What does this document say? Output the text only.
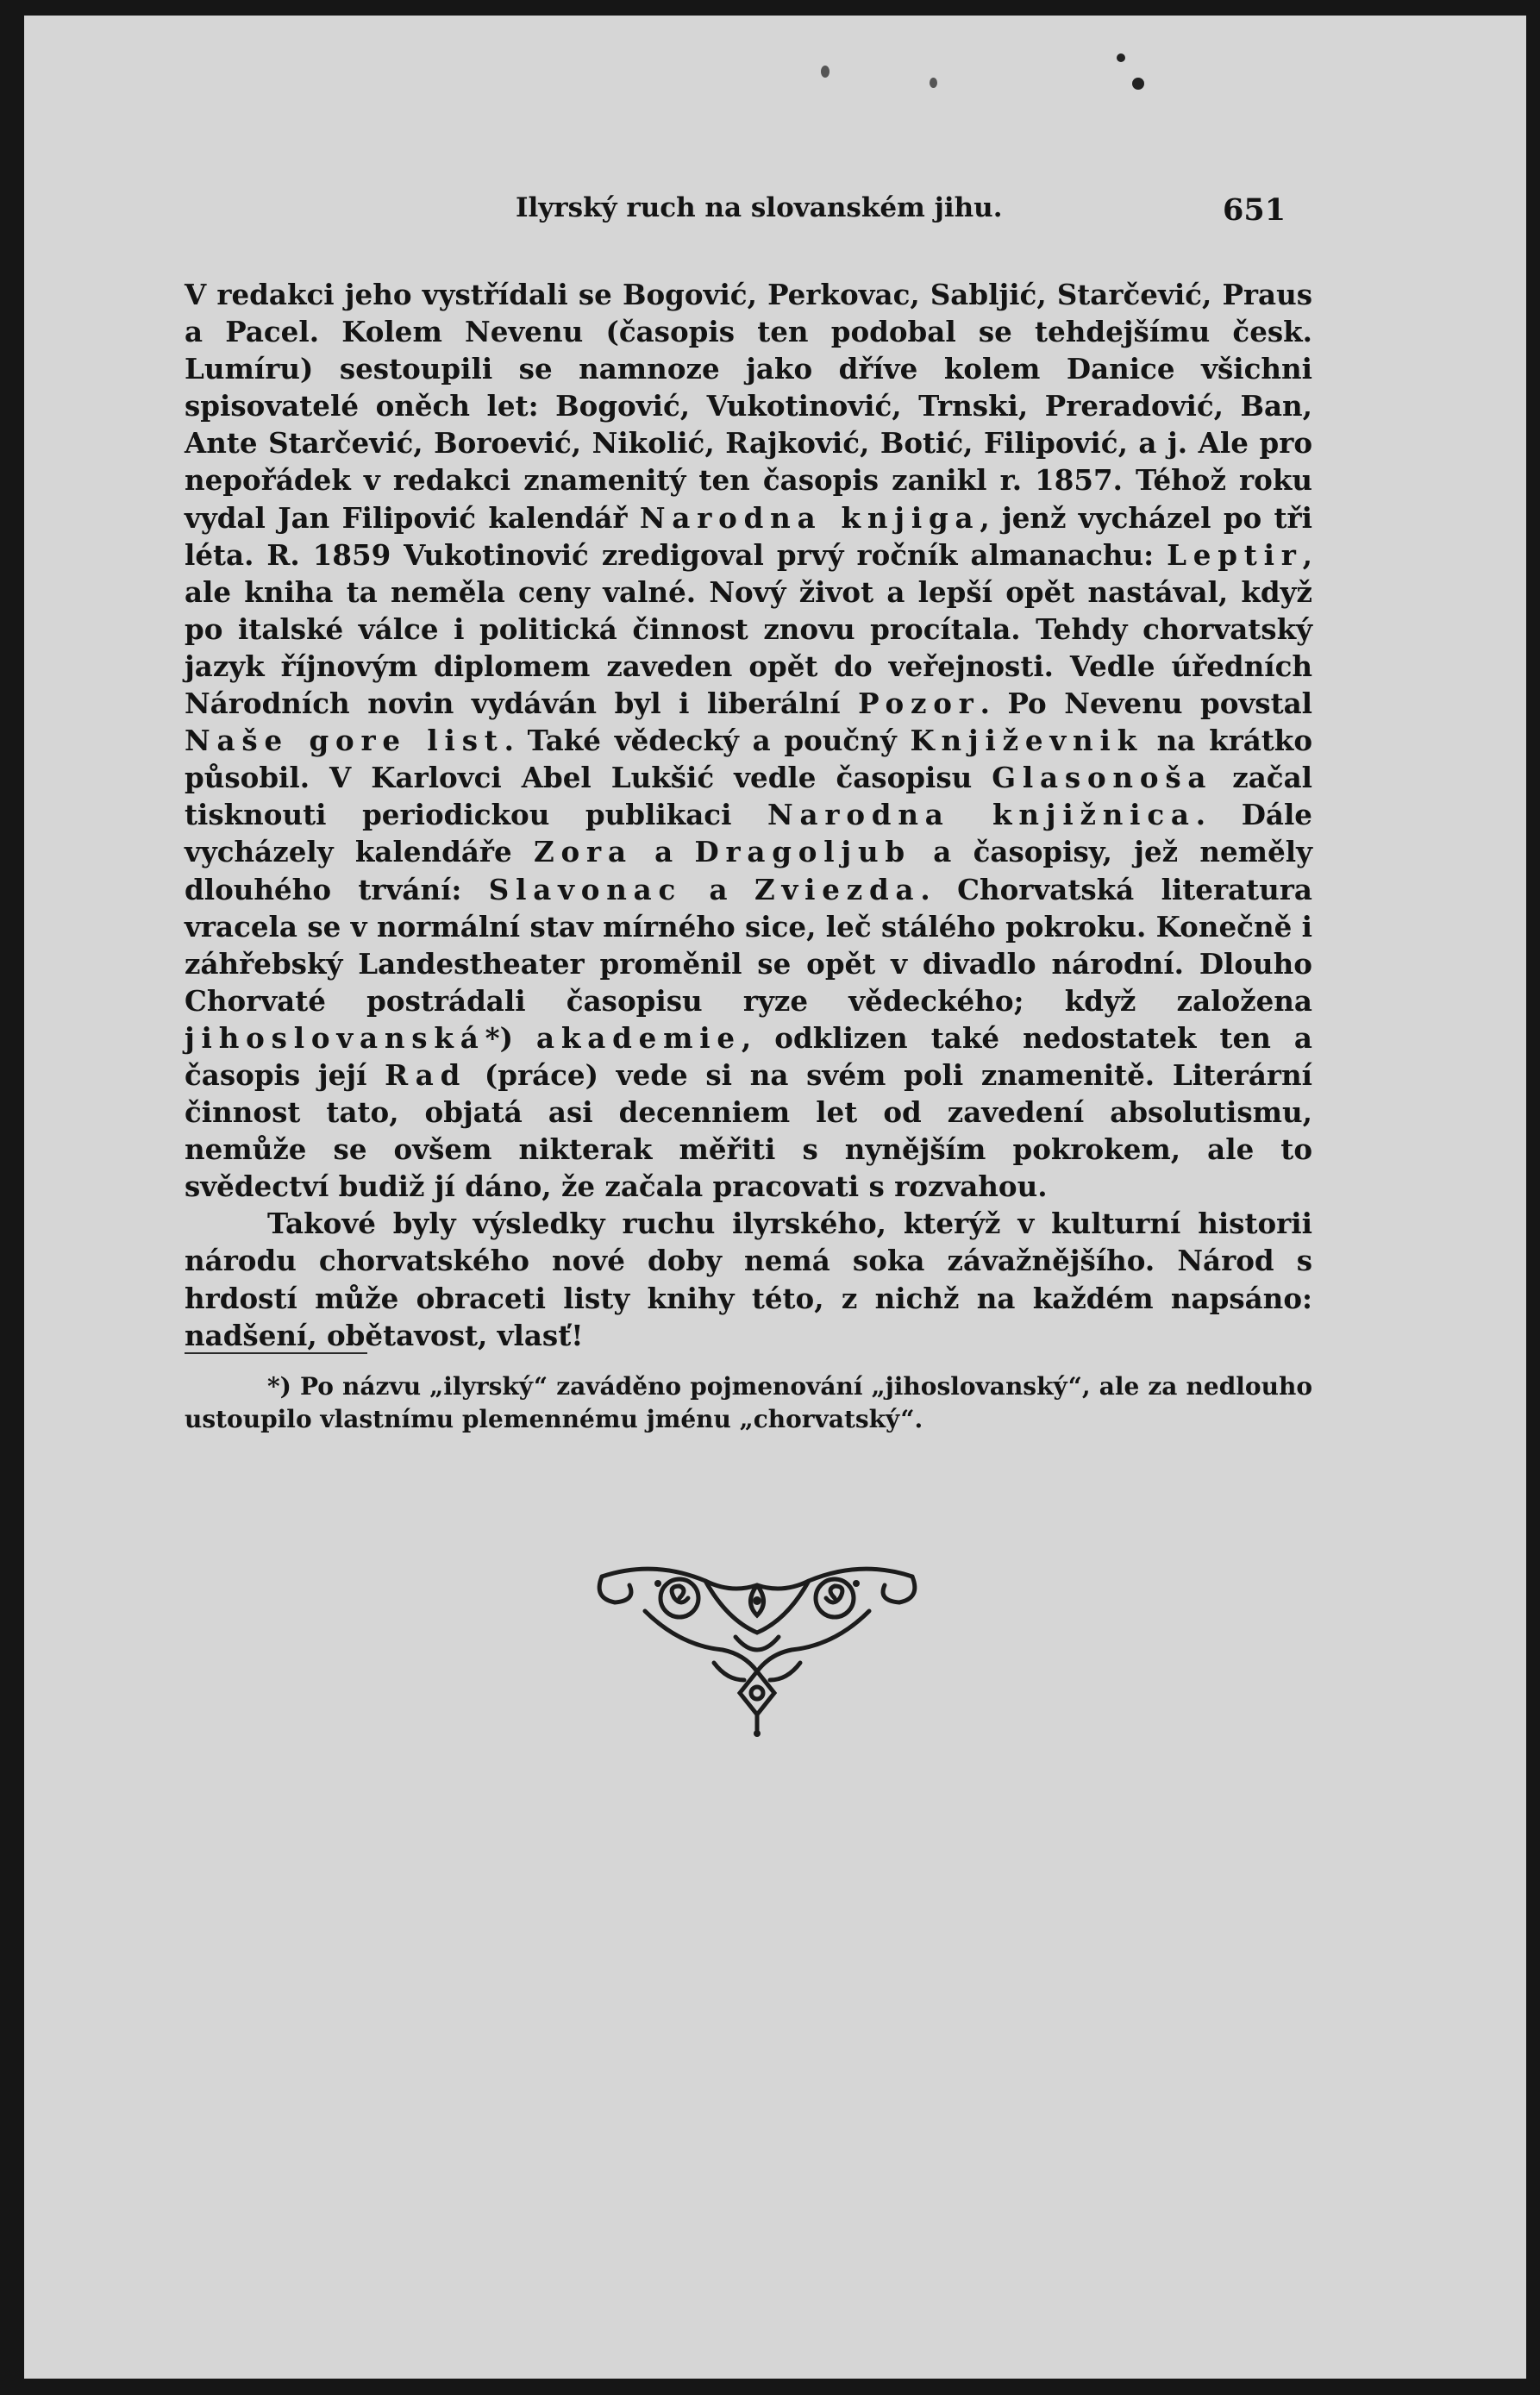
Ilyrský ruch na slovanském jihu.	651

V redakci jeho vystřídali se Bogović, Perkovac, Sabljić, Starčević, Praus a Pacel. Kolem Nevenu (časopis ten podobal se tehdejšímu česk. Lumíru) sestoupili se namnoze jako dříve kolem Danice všichni spisovatelé oněch let: Bogović, Vukotinović, Trnski, Preradović, Ban, Ante Starčević, Boroević, Nikolić, Rajković, Botić, Filipović, a j. Ale pro nepořádek v redakci znamenitý ten časopis zanikl r. 1857. Téhož roku vydal Jan Filipović kalendář Narodna knjiga, jenž vycházel po tři léta. R. 1859 Vukotinović zredigoval prvý ročník almanachu: Leptir, ale kniha ta neměla ceny valné. Nový život a lepší opět nastával, když po italské válce i politická činnost znovu procítala. Tehdy chorvatský jazyk říjnovým diplomem zaveden opět do veřejnosti. Vedle úředních Národních novin vydáván byl i liberální Pozor. Po Nevenu povstal Naše gore list. Také vědecký a poučný Književnik na krátko působil. V Karlovci Abel Lukšić vedle časopisu Glasonoša začal tisknouti periodickou publikaci Narodna knjižnica. Dále vycházely kalendáře Zora a Dragoljub a časopisy, jež neměly dlouhého trvání: Slavonac a Zviezda. Chorvatská literatura vracela se v normální stav mírného sice, leč stálého pokroku. Konečně i záhřebský Landestheater proměnil se opět v divadlo národní. Dlouho Chorvaté postrádali časopisu ryze vědeckého; když založena jihoslovanská*) akademie, odklizen také nedostatek ten a časopis její Rad (práce) vede si na svém poli znamenitě. Literární činnost tato, objatá asi decenniem let od zavedení absolutismu, nemůže se ovšem nikterak měřiti s nynějším pokrokem, ale to svědectví budiž jí dáno, že začala pracovati s rozvahou.

Takové byly výsledky ruchu ilyrského, kterýž v kulturní historii národu chorvatského nové doby nemá soka závažnějšího. Národ s hrdostí může obraceti listy knihy této, z nichž na každém napsáno: nadšení, obětavost, vlasť!

*) Po názvu „ilyrský“ zaváděno pojmenování „jihoslovanský“, ale za nedlouho ustoupilo vlastnímu plemennému jménu „chorvatský“.
